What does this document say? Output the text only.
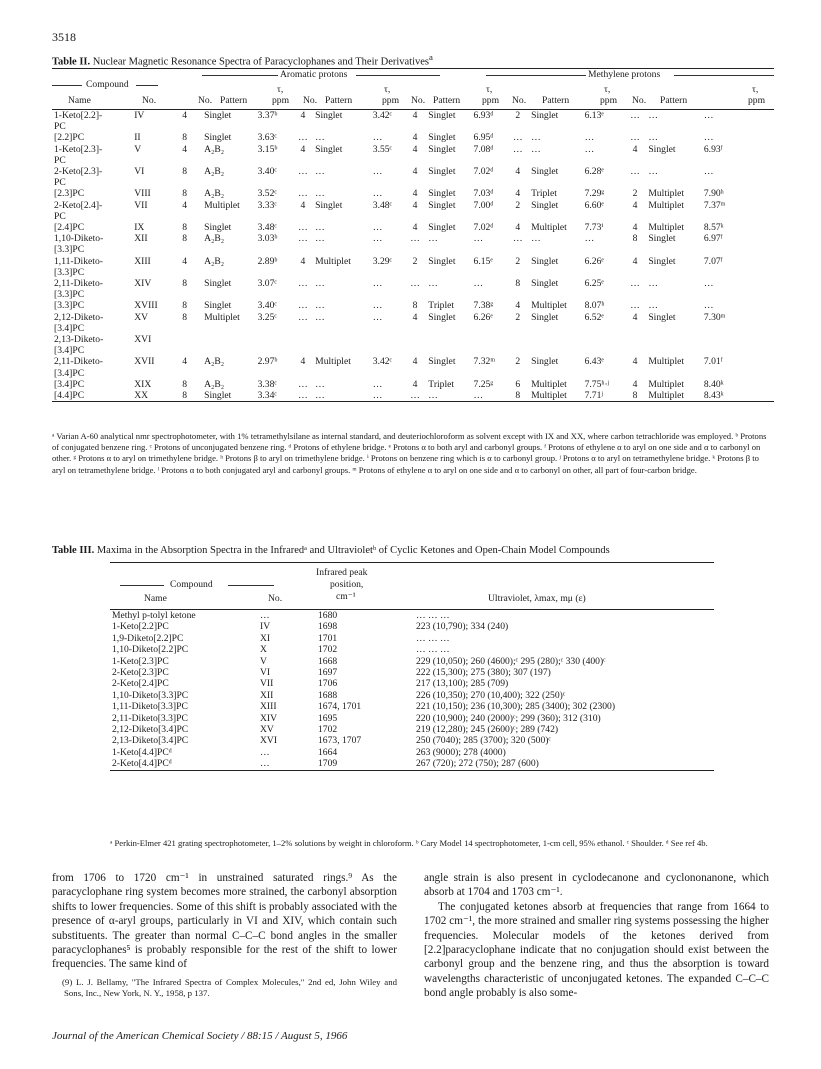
3518
Table II. Nuclear Magnetic Resonance Spectra of Paracyclophanes and Their Derivatives$^a$
Compound
Aromatic protons	Methylene protons
Name	No.	No. Pattern
τ,
ppm No. Pattern
τ,
ppm No. Pattern
τ,
ppm No. Pattern
τ,
ppm No. Pattern
τ,
ppm
1-Keto[2.2]-	IV	4	Singlet	3.37ᵇ	4	Singlet	3.42ᶜ	4	Singlet	6.93ᵈ	2	Singlet	6.13ᵉ	…	…	…
PC																
[2.2]PC	II	8	Singlet	3.63ᶜ	…	…	…	4	Singlet	6.95ᵈ	…	…	…	…	…	…
1-Keto[2.3]-	V	4	A₂B₂	3.15ᵇ	4	Singlet	3.55ᶜ	4	Singlet	7.08ᵈ	…	…	…	4	Singlet	6.93ᶠ
PC																
2-Keto[2.3]-	VI	8	A₂B₂	3.40ᶜ	…	…	…	4	Singlet	7.02ᵈ	4	Singlet	6.28ᵉ	…	…	…
PC																
[2.3]PC	VIII	8	A₂B₂	3.52ᶜ	…	…	…	4	Singlet	7.03ᵈ	4	Triplet	7.29ᵍ	2	Multiplet	7.90ʰ
2-Keto[2.4]-	VII	4	Multiplet	3.33ᶜ	4	Singlet	3.48ᶜ	4	Singlet	7.00ᵈ	2	Singlet	6.60ᵉ	4	Multiplet	7.37ᵐ
PC																
[2.4]PC	IX	8	Singlet	3.48ᶜ	…	…	…	4	Singlet	7.02ᵈ	4	Multiplet	7.73ⁱ	4	Multiplet	8.57ᵏ
1,10-Diketo-	XII	8	A₂B₂	3.03ᵇ	…	…	…	…	…	…	…	…	…	8	Singlet	6.97ᶠ
[3.3]PC																
1,11-Diketo-	XIII	4	A₂B₂	2.89ᵇ	4	Multiplet	3.29ᶜ	2	Singlet	6.15ᵉ	2	Singlet	6.26ᵉ	4	Singlet	7.07ᶠ
[3.3]PC																
2,11-Diketo-	XIV	8	Singlet	3.07ᶜ	…	…	…	…	…	…	8	Singlet	6.25ᵉ	…	…	…
[3.3]PC																
[3.3]PC	XVIII	8	Singlet	3.40ᶜ	…	…	…	8	Triplet	7.38ᵍ	4	Multiplet	8.07ʰ	…	…	…
2,12-Diketo-	XV	8	Multiplet	3.25ᶜ	…	…	…	4	Singlet	6.26ᵉ	2	Singlet	6.52ᵉ	4	Singlet	7.30ᵐ
[3.4]PC																
2,13-Diketo-	XVI															
[3.4]PC																
2,11-Diketo-	XVII	4	A₂B₂	2.97ᵇ	4	Multiplet	3.42ᶜ	4	Singlet	7.32ᵐ	2	Singlet	6.43ᵉ	4	Multiplet	7.01ᶠ
[3.4]PC																
[3.4]PC	XIX	8	A₂B₂	3.38ᶜ	…	…	…	4	Triplet	7.25ᵍ	6	Multiplet	7.75ʰ·ʲ	4	Multiplet	8.40ᵏ
[4.4]PC	XX	8	Singlet	3.34ᶜ	…	…	…	…	…	…	8	Multiplet	7.71ʲ	8	Multiplet	8.43ᵏ
ᵃ Varian A-60 analytical nmr spectrophotometer, with 1% tetramethylsilane as internal standard, and deuteriochloroform as solvent except with IX and XX, where carbon tetrachloride was employed. ᵇ Protons of conjugated benzene ring. ᶜ Protons of unconjugated benzene ring. ᵈ Protons of ethylene bridge. ᵉ Protons α to both aryl and carbonyl groups. ᶠ Protons of ethylene α to aryl on one side and α to carbonyl on other. ᵍ Protons α to aryl on trimethylene bridge. ʰ Protons β to aryl on trimethylene bridge. ⁱ Protons on benzene ring which is α to carbonyl group. ʲ Protons α to aryl on tetramethylene bridge. ᵏ Protons β to aryl on tetramethylene bridge. ˡ Protons α to both conjugated aryl and carbonyl groups. ᵐ Protons of ethylene α to aryl on one side and α to carbonyl on other, all part of four-carbon bridge.
Table III. Maxima in the Absorption Spectra in the Infraredᵃ and Ultravioletᵇ of Cyclic Ketones and Open-Chain Model Compounds
Compound
Name	No.
Infrared peak
position,
cm⁻¹	Ultraviolet, λmax, mμ (ε)
Methyl p-tolyl ketone	…	1680	… … …
1-Keto[2.2]PC	IV	1698	223 (10,790); 334 (240)
1,9-Diketo[2.2]PC	XI	1701	… … …
1,10-Diketo[2.2]PC	X	1702	… … …
1-Keto[2.3]PC	V	1668	229 (10,050); 260 (4600);ᶜ 295 (280);ᶜ 330 (400)ᶜ
2-Keto[2.3]PC	VI	1697	222 (15,300); 275 (380); 307 (197)
2-Keto[2.4]PC	VII	1706	217 (13,100); 285 (709)
1,10-Diketo[3.3]PC	XII	1688	226 (10,350); 270 (10,400); 322 (250)ᶜ
1,11-Diketo[3.3]PC	XIII	1674, 1701	221 (10,150); 236 (10,300); 285 (3400); 302 (2300)
2,11-Diketo[3.3]PC	XIV	1695	220 (10,900); 240 (2000)ᶜ; 299 (360); 312 (310)
2,12-Diketo[3.4]PC	XV	1702	219 (12,280); 245 (2600)ᶜ; 289 (742)
2,13-Diketo[3.4]PC	XVI	1673, 1707	250 (7040); 285 (3700); 320 (500)ᶜ
1-Keto[4.4]PCᵈ	…	1664	263 (9000); 278 (4000)
2-Keto[4.4]PCᵈ	…	1709	267 (720); 272 (750); 287 (600)
ᵃ Perkin-Elmer 421 grating spectrophotometer, 1–2% solutions by weight in chloroform. ᵇ Cary Model 14 spectrophotometer, 1-cm cell, 95% ethanol. ᶜ Shoulder. ᵈ See ref 4b.

from 1706 to 1720 cm⁻¹ in unstrained saturated rings.⁹ As the paracyclophane ring system becomes more strained, the carbonyl absorption shifts to lower frequencies. Some of this shift is probably associated with the presence of α-aryl groups, particularly in VI and XIV, which contain such substituents. The greater than normal C–C–C bond angles in the smaller paracyclophanes⁵ is probably responsible for the rest of the shift to lower frequencies. The same kind of

(9) L. J. Bellamy, "The Infrared Spectra of Complex Molecules," 2nd ed, John Wiley and Sons, Inc., New York, N. Y., 1958, p 137.

angle strain is also present in cyclodecanone and cyclononanone, which absorb at 1704 and 1703 cm⁻¹.

The conjugated ketones absorb at frequencies that range from 1664 to 1702 cm⁻¹, the more strained and smaller ring systems possessing the higher frequencies. Molecular models of the ketones derived from [2.2]paracyclophane indicate that no conjugation should exist between the carbonyl group and the benzene ring, and thus the absorption is toward wavelengths characteristic of unconjugated ketones. The expanded C–C–C bond angle probably is also some-

Journal of the American Chemical Society / 88:15 / August 5, 1966
